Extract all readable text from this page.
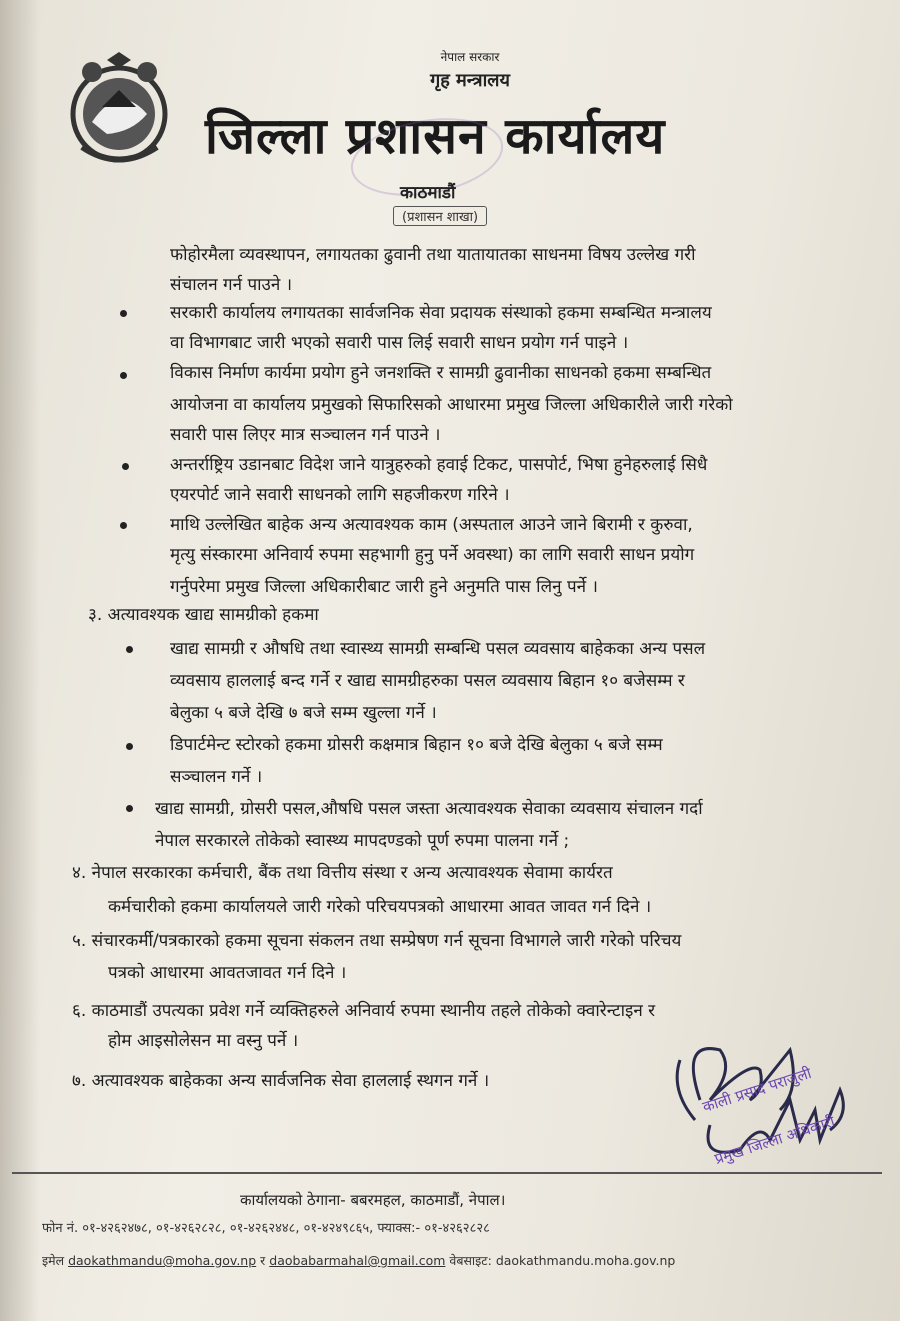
नेपाल सरकार
गृह मन्त्रालय
जिल्ला प्रशासन कार्यालय
काठमाडौं
(प्रशासन शाखा)
फोहोरमैला व्यवस्थापन, लगायतका ढुवानी तथा यातायातका साधनमा विषय उल्लेख गरी
संचालन गर्न पाउने ।
सरकारी कार्यालय लगायतका सार्वजनिक सेवा प्रदायक संस्थाको हकमा सम्बन्धित मन्त्रालय
वा विभागबाट जारी भएको सवारी पास लिई सवारी साधन प्रयोग गर्न पाइने ।
विकास निर्माण कार्यमा प्रयोग हुने जनशक्ति र सामग्री ढुवानीका साधनको हकमा सम्बन्धित
आयोजना वा कार्यालय प्रमुखको सिफारिसको आधारमा प्रमुख जिल्ला अधिकारीले जारी गरेको
सवारी पास लिएर मात्र सञ्चालन गर्न पाउने ।
अन्तर्राष्ट्रिय उडानबाट विदेश जाने यात्रुहरुको हवाई टिकट, पासपोर्ट, भिषा हुनेहरुलाई सिधै
एयरपोर्ट जाने सवारी साधनको लागि सहजीकरण गरिने ।
माथि उल्लेखित बाहेक अन्य अत्यावश्यक काम (अस्पताल आउने जाने बिरामी र कुरुवा,
मृत्यु संस्कारमा अनिवार्य रुपमा सहभागी हुनु पर्ने अवस्था) का लागि सवारी साधन प्रयोग
गर्नुपरेमा प्रमुख जिल्ला अधिकारीबाट जारी हुने अनुमति पास लिनु पर्ने ।
३. अत्यावश्यक खाद्य सामग्रीको हकमा
खाद्य सामग्री र औषधि तथा स्वास्थ्य सामग्री सम्बन्धि पसल व्यवसाय बाहेकका अन्य पसल
व्यवसाय हाललाई बन्द गर्ने र खाद्य सामग्रीहरुका पसल व्यवसाय बिहान १० बजेसम्म र
बेलुका ५ बजे देखि ७ बजे सम्म खुल्ला गर्ने ।
डिपार्टमेन्ट स्टोरको हकमा ग्रोसरी कक्षमात्र बिहान १० बजे देखि बेलुका ५ बजे सम्म
सञ्चालन गर्ने ।
खाद्य सामग्री, ग्रोसरी पसल,औषधि पसल जस्ता अत्यावश्यक सेवाका व्यवसाय संचालन गर्दा
नेपाल सरकारले तोकेको स्वास्थ्य मापदण्डको पूर्ण रुपमा पालना गर्ने ;
४. नेपाल सरकारका कर्मचारी, बैंक तथा वित्तीय संस्था र अन्य अत्यावश्यक सेवामा कार्यरत
कर्मचारीको हकमा कार्यालयले जारी गरेको परिचयपत्रको आधारमा आवत जावत गर्न दिने ।
५. संचारकर्मी/पत्रकारको हकमा सूचना संकलन तथा सम्प्रेषण गर्न सूचना विभागले जारी गरेको परिचय
पत्रको आधारमा आवतजावत गर्न दिने ।
६. काठमाडौं उपत्यका प्रवेश गर्ने व्यक्तिहरुले अनिवार्य रुपमा स्थानीय तहले तोकेको क्वारेन्टाइन र
होम आइसोलेसन मा वस्नु पर्ने ।
७. अत्यावश्यक बाहेकका अन्य सार्वजनिक सेवा हाललाई स्थगन गर्ने ।	काली प्रसाद पराजुली
प्रमुख जिल्ला अधिकारी
कार्यालयको ठेगाना- बबरमहल, काठमाडौं, नेपाल।
फोन नं. ०१-४२६२४७८, ०१-४२६२८२८, ०१-४२६२४४८, ०१-४२४९८६५, फ्याक्स:- ०१-४२६२८२८
इमेल daokathmandu@moha.gov.np र daobabarmahal@gmail.com वेबसाइट: daokathmandu.moha.gov.np
